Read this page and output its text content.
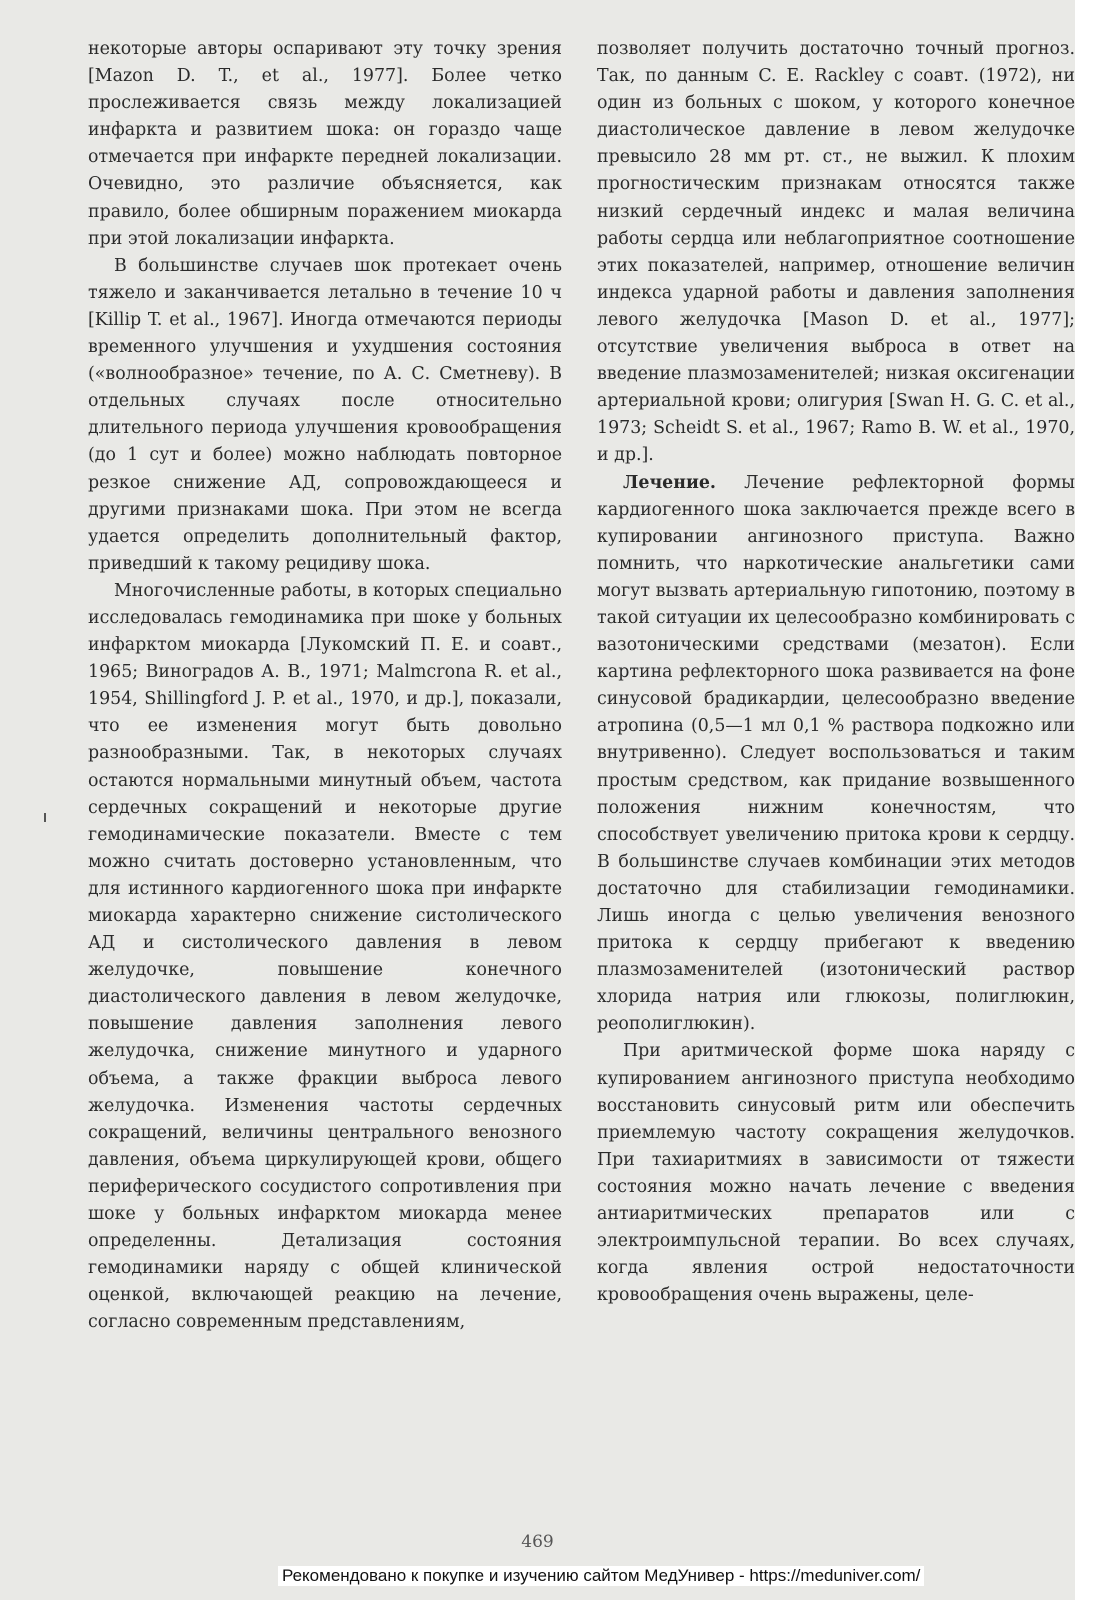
некоторые авторы оспаривают эту точку зрения [Mazon D. T., et al., 1977]. Более четко прослеживается связь между локализацией инфаркта и развитием шока: он гораздо чаще отмечается при инфаркте передней локализации. Очевидно, это различие объясняется, как правило, более обширным поражением миокарда при этой локализации инфаркта.

В большинстве случаев шок протекает очень тяжело и заканчивается летально в течение 10 ч [Killip T. et al., 1967]. Иногда отмечаются периоды временного улучшения и ухудшения состояния («волнообразное» течение, по А. С. Сметневу). В отдельных случаях после относительно длительного периода улучшения кровообращения (до 1 сут и более) можно наблюдать повторное резкое снижение АД, сопровождающееся и другими признаками шока. При этом не всегда удается определить дополнительный фактор, приведший к такому рецидиву шока.

Многочисленные работы, в которых специально исследовалась гемодинамика при шоке у больных инфарктом миокарда [Лукомский П. Е. и соавт., 1965; Виноградов А. В., 1971; Malmcrona R. et al., 1954, Shillingford J. P. et al., 1970, и др.], показали, что ее изменения могут быть довольно разнообразными. Так, в некоторых случаях остаются нормальными минутный объем, частота сердечных сокращений и некоторые другие гемодинамические показатели. Вместе с тем можно считать достоверно установленным, что для истинного кардиогенного шока при инфаркте миокарда характерно снижение систолического АД и систолического давления в левом желудочке, повышение конечного диастолического давления в левом желудочке, повышение давления заполнения левого желудочка, снижение минутного и ударного объема, а также фракции выброса левого желудочка. Изменения частоты сердечных сокращений, величины центрального венозного давления, объема циркулирующей крови, общего периферического сосудистого сопротивления при шоке у больных инфарктом миокарда менее определенны. Детализация состояния гемодинамики наряду с общей клинической оценкой, включающей реакцию на лечение, согласно современным представлениям,

позволяет получить достаточно точный прогноз. Так, по данным C. E. Rackley с соавт. (1972), ни один из больных с шоком, у которого конечное диастолическое давление в левом желудочке превысило 28 мм рт. ст., не выжил. К плохим прогностическим признакам относятся также низкий сердечный индекс и малая величина работы сердца или неблагоприятное соотношение этих показателей, например, отношение величин индекса ударной работы и давления заполнения левого желудочка [Mason D. et al., 1977]; отсутствие увеличения выброса в ответ на введение плазмозаменителей; низкая оксигенации артериальной крови; олигурия [Swan H. G. C. et al., 1973; Scheidt S. et al., 1967; Ramo B. W. et al., 1970, и др.].

Лечение. Лечение рефлекторной формы кардиогенного шока заключается прежде всего в купировании ангинозного приступа. Важно помнить, что наркотические анальгетики сами могут вызвать артериальную гипотонию, поэтому в такой ситуации их целесообразно комбинировать с вазотоническими средствами (мезатон). Если картина рефлекторного шока развивается на фоне синусовой брадикардии, целесообразно введение атропина (0,5—1 мл 0,1 % раствора подкожно или внутривенно). Следует воспользоваться и таким простым средством, как придание возвышенного положения нижним конечностям, что способствует увеличению притока крови к сердцу. В большинстве случаев комбинации этих методов достаточно для стабилизации гемодинамики. Лишь иногда с целью увеличения венозного притока к сердцу прибегают к введению плазмозаменителей (изотонический раствор хлорида натрия или глюкозы, полиглюкин, реополиглюкин).

При аритмической форме шока наряду с купированием ангинозного приступа необходимо восстановить синусовый ритм или обеспечить приемлемую частоту сокращения желудочков. При тахиаритмиях в зависимости от тяжести состояния можно начать лечение с введения антиаритмических препаратов или с электроимпульсной терапии. Во всех случаях, когда явления острой недостаточности кровообращения очень выражены, целе-

469
Рекомендовано к покупке и изучению сайтом МедУнивер - https://meduniver.com/
